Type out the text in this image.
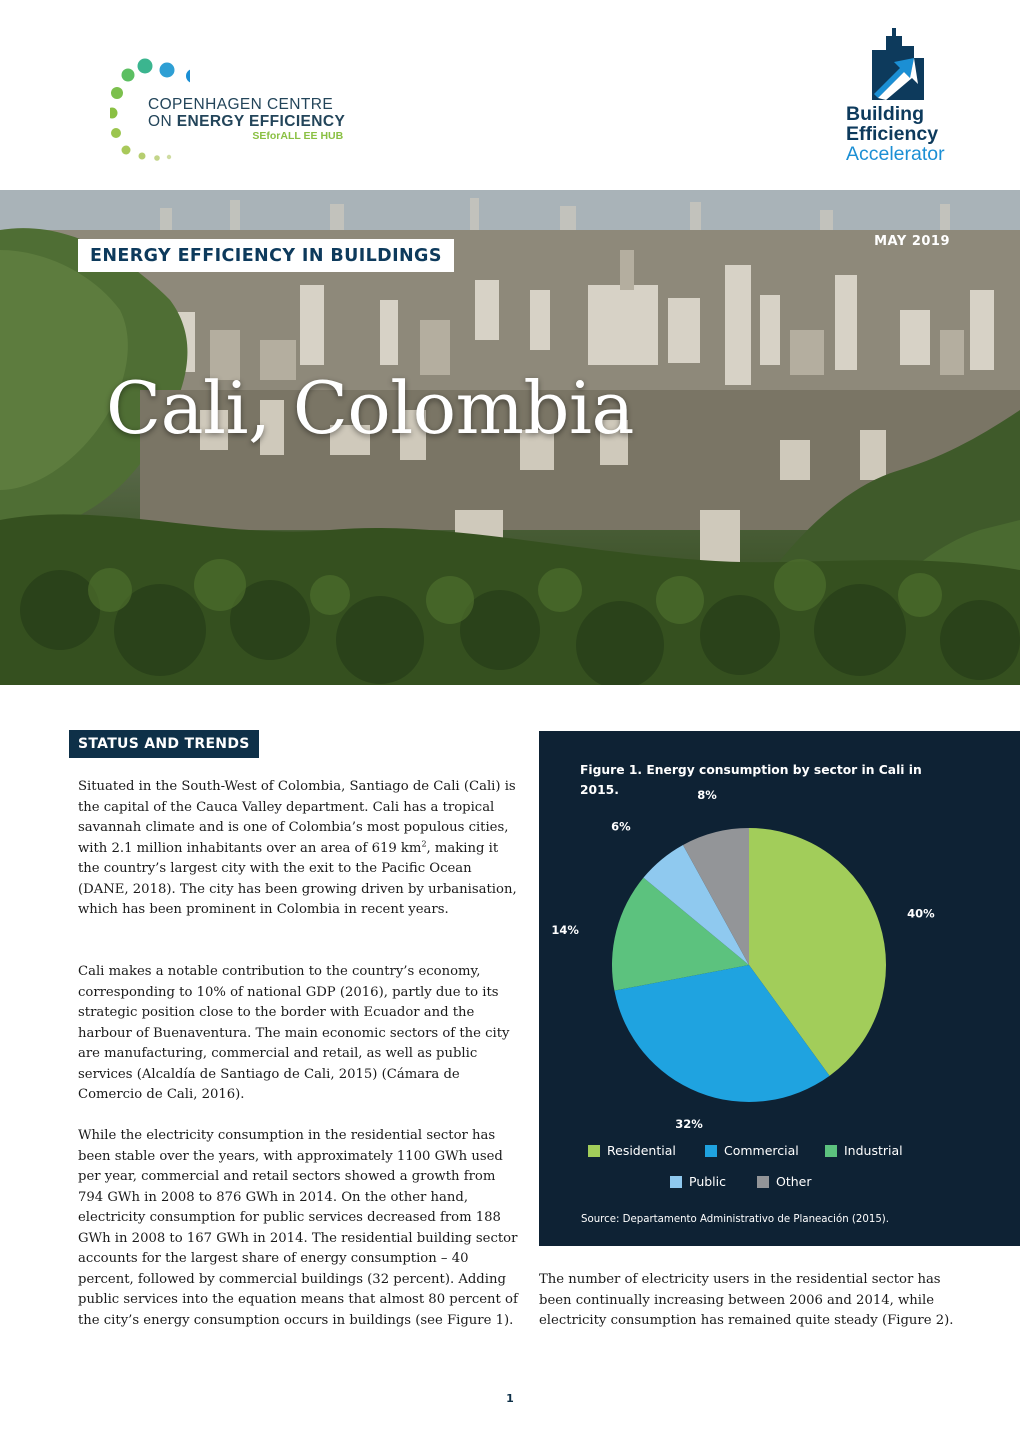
COPENHAGEN CENTRE
ON ENERGY EFFICIENCY
SEforALL EE HUB
Building
Efficiency
Accelerator
ENERGY EFFICIENCY IN BUILDINGS
MAY 2019
Cali, Colombia
STATUS AND TRENDS

Situated in the South-West of Colombia, Santiago de Cali (Cali) is the capital of the Cauca Valley department. Cali has a tropical savannah climate and is one of Colombia’s most populous cities, with 2.1 million inhabitants over an area of 619 $km^2$, making it the country’s largest city with the exit to the Pacific Ocean (DANE, 2018). The city has been growing driven by urbanisation, which has been prominent in Colombia in recent years.

Cali makes a notable contribution to the country’s economy, corresponding to 10% of national GDP (2016), partly due to its strategic position close to the border with Ecuador and the harbour of Buenaventura. The main economic sectors of the city are manufacturing, commercial and retail, as well as public services (Alcaldía de Santiago de Cali, 2015) (Cámara de Comercio de Cali, 2016).

While the electricity consumption in the residential sector has been stable over the years, with approximately 1100 GWh used per year, commercial and retail sectors showed a growth from 794 GWh in 2008 to 876 GWh in 2014. On the other hand, electricity consumption for public services decreased from 188 GWh in 2008 to 167 GWh in 2014. The residential building sector accounts for the largest share of energy consumption – 40 percent, followed by commercial buildings (32 percent). Adding public services into the equation means that almost 80 percent of the city’s energy consumption occurs in buildings (see Figure 1).

The number of electricity users in the residential sector has been continually increasing between 2006 and 2014, while electricity consumption has remained quite steady (Figure 2).

Figure 1. Energy consumption by sector in Cali in 2015.
40%
32%
14%
6%
8%
Residential	Commercial	Industrial
Public	Other
Source: Departamento Administrativo de Planeación (2015).
1
